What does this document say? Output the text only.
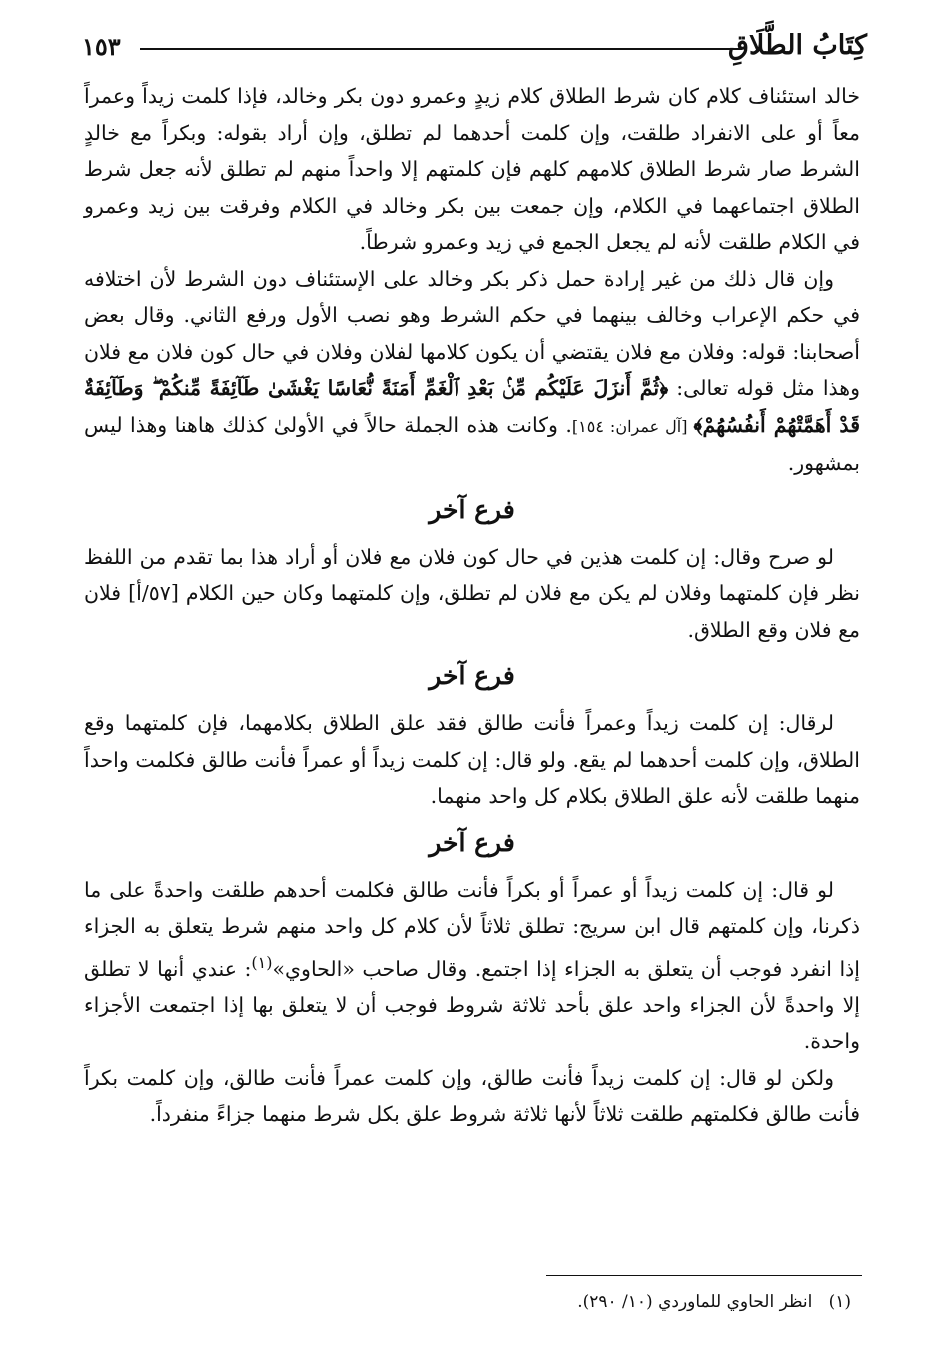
كِتَابُ الطَّلَاقِ
١٥٣

خالد استئناف كلام كان شرط الطلاق كلام زيدٍ وعمرو دون بكر وخالد، فإذا كلمت زيداً وعمراً معاً أو على الانفراد طلقت، وإن كلمت أحدهما لم تطلق، وإن أراد بقوله: وبكراً مع خالدٍ الشرط صار شرط الطلاق كلامهم كلهم فإن كلمتهم إلا واحداً منهم لم تطلق لأنه جعل شرط الطلاق اجتماعهما في الكلام، وإن جمعت بين بكر وخالد في الكلام وفرقت بين زيد وعمرو في الكلام طلقت لأنه لم يجعل الجمع في زيد وعمرو شرطاً.

وإن قال ذلك من غير إرادة حمل ذكر بكر وخالد على الإستئناف دون الشرط لأن اختلافه في حكم الإعراب وخالف بينهما في حكم الشرط وهو نصب الأول ورفع الثاني. وقال بعض أصحابنا: قوله: وفلان مع فلان يقتضي أن يكون كلامها لفلان وفلان في حال كون فلان مع فلان وهذا مثل قوله تعالى: ﴿ثُمَّ أَنزَلَ عَلَيْكُم مِّنۢ بَعْدِ ٱلْغَمِّ أَمَنَةً نُّعَاسًا يَغْشَىٰ طَآئِفَةً مِّنكُمْ ۖ وَطَآئِفَةٌ قَدْ أَهَمَّتْهُمْ أَنفُسُهُمْ﴾ [آل عمران: ١٥٤]. وكانت هذه الجملة حالاً في الأولىٰ كذلك هاهنا وهذا ليس بمشهور.

فرع آخر

لو صرح وقال: إن كلمت هذين في حال كون فلان مع فلان أو أراد هذا بما تقدم من اللفظ نظر فإن كلمتهما وفلان لم يكن مع فلان لم تطلق، وإن كلمتهما وكان حين الكلام [٥٧/أ] فلان مع فلان وقع الطلاق.

فرع آخر

لرقال: إن كلمت زيداً وعمراً فأنت طالق فقد علق الطلاق بكلامهما، فإن كلمتهما وقع الطلاق، وإن كلمت أحدهما لم يقع. ولو قال: إن كلمت زيداً أو عمراً فأنت طالق فكلمت واحداً منهما طلقت لأنه علق الطلاق بكلام كل واحد منهما.

فرع آخر

لو قال: إن كلمت زيداً أو عمراً أو بكراً فأنت طالق فكلمت أحدهم طلقت واحدةً على ما ذكرنا، وإن كلمتهم قال ابن سريج: تطلق ثلاثاً لأن كلام كل واحد منهم شرط يتعلق به الجزاء إذا انفرد فوجب أن يتعلق به الجزاء إذا اجتمع. وقال صاحب «الحاوي»$^{(١)}$: عندي أنها لا تطلق إلا واحدةً لأن الجزاء واحد علق بأحد ثلاثة شروط فوجب أن لا يتعلق بها إذا اجتمعت الأجزاء واحدة.

ولكن لو قال: إن كلمت زيداً فأنت طالق، وإن كلمت عمراً فأنت طالق، وإن كلمت بكراً فأنت طالق فكلمتهم طلقت ثلاثاً لأنها ثلاثة شروط علق بكل شرط منهما جزاءً منفرداً.

(١)   انظر الحاوي للماوردي (١٠/ ٢٩٠).
